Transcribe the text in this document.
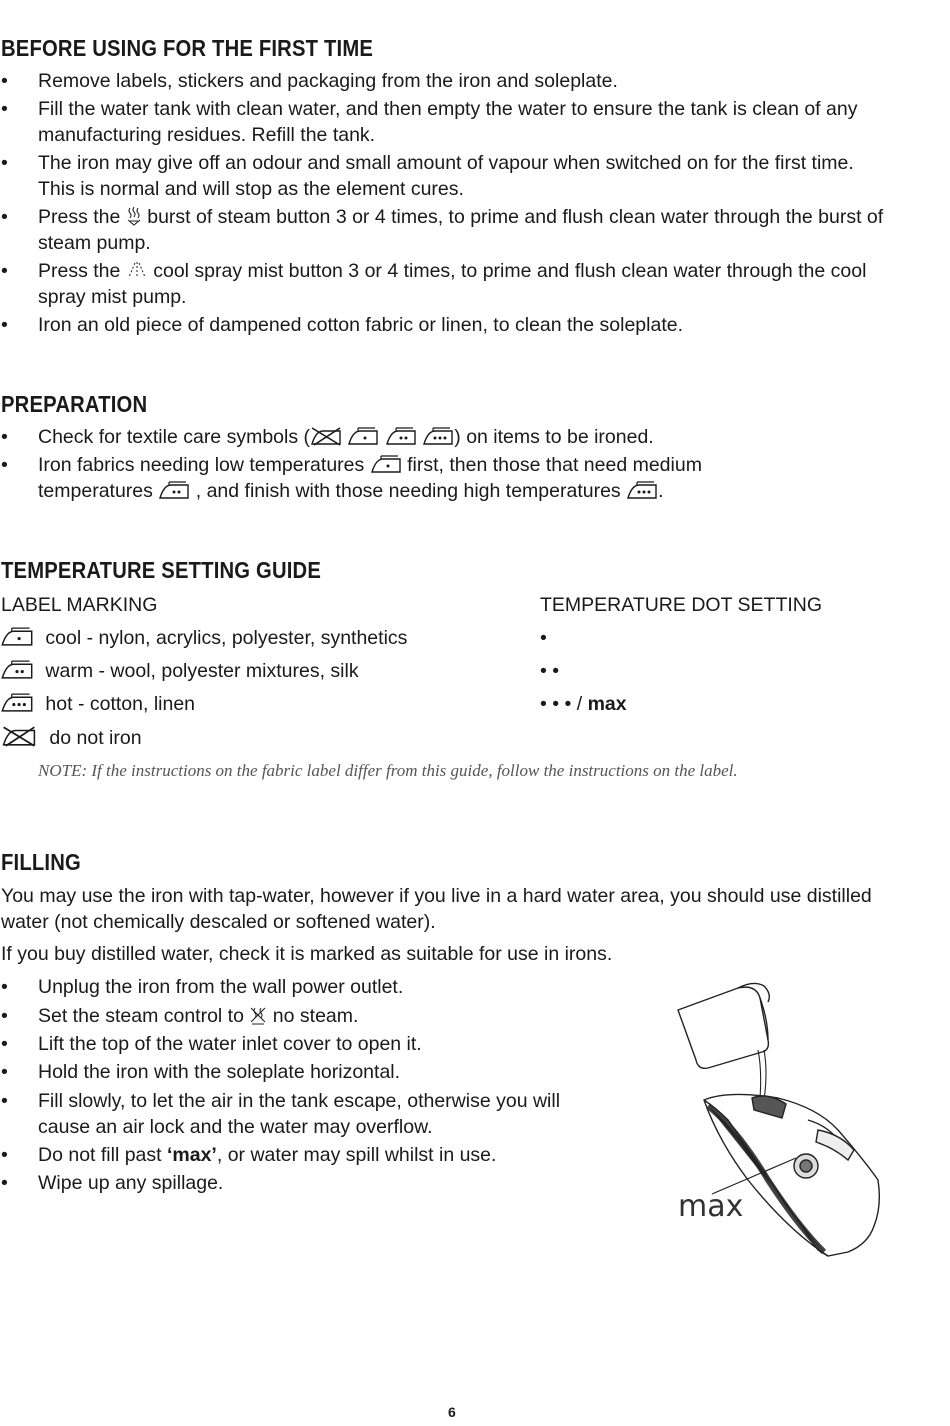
BEFORE USING FOR THE FIRST TIME
• Remove labels, stickers and packaging from the iron and soleplate.
• Fill the water tank with clean water, and then empty the water to ensure the tank is clean of any manufacturing residues. Refill the tank.
• The iron may give off an odour and small amount of vapour when switched on for the first time. This is normal and will stop as the element cures.
• Press the burst of steam button 3 or 4 times, to prime and flush clean water through the burst of steam pump.
• Press the cool spray mist button 3 or 4 times, to prime and flush clean water through the cool spray mist pump.
• Iron an old piece of dampened cotton fabric or linen, to clean the soleplate.
PREPARATION
• Check for textile care symbols (	) on items to be ironed.
• Iron fabrics needing low temperatures first, then those that need medium
temperatures , and finish with those needing high temperatures .
TEMPERATURE SETTING GUIDE
LABEL MARKING	TEMPERATURE DOT SETTING
cool - nylon, acrylics, polyester, synthetics	•
warm - wool, polyester mixtures, silk	• •
hot - cotton, linen	• • • / max
do not iron
NOTE: If the instructions on the fabric label differ from this guide, follow the instructions on the label.
FILLING
You may use the iron with tap-water, however if you live in a hard water area, you should use distilled water (not chemically descaled or softened water).
If you buy distilled water, check it is marked as suitable for use in irons.
• Unplug the iron from the wall power outlet.
• Set the steam control to no steam.
• Lift the top of the water inlet cover to open it.
• Hold the iron with the soleplate horizontal.
• Fill slowly, to let the air in the tank escape, otherwise you will cause an air lock and the water may overflow.
• Do not fill past ‘max’, or water may spill whilst in use.
• Wipe up any spillage.
max
6
